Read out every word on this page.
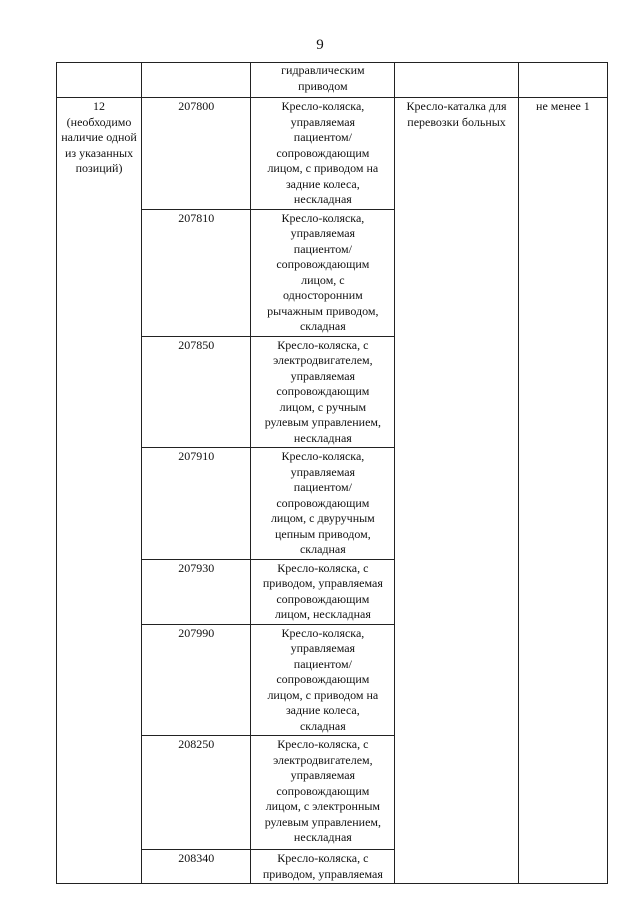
9
		гидравлическим приводом		
12 (необходимо наличие одной из указанных позиций)	207800	Кресло-коляска, управляемая пациентом/ сопровождающим лицом, с приводом на задние колеса, нескладная	Кресло-каталка для перевозки больных	не менее 1
	207810	Кресло-коляска, управляемая пациентом/ сопровождающим лицом, с односторонним рычажным приводом, складная		
	207850	Кресло-коляска, с электродвигателем, управляемая сопровождающим лицом, с ручным рулевым управлением, нескладная		
	207910	Кресло-коляска, управляемая пациентом/ сопровождающим лицом, с двуручным цепным приводом, складная		
	207930	Кресло-коляска, с приводом, управляемая сопровождающим лицом, нескладная		
	207990	Кресло-коляска, управляемая пациентом/ сопровождающим лицом, с приводом на задние колеса, складная		
	208250	Кресло-коляска, с электродвигателем, управляемая сопровождающим лицом, с электронным рулевым управлением, нескладная		
	208340	Кресло-коляска, с приводом, управляемая		
